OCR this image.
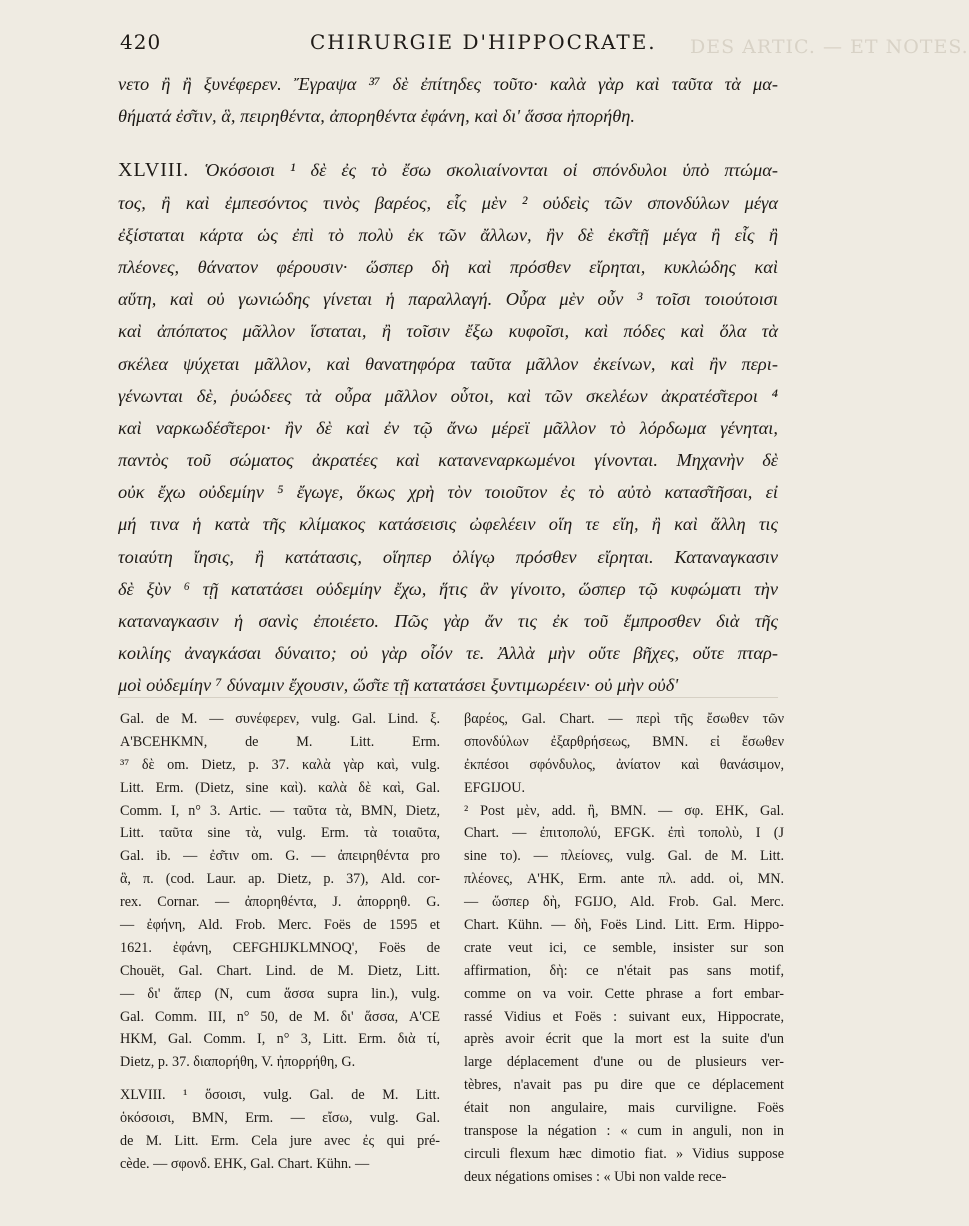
420	CHIRURGIE D'HIPPOCRATE. DES ARTIC. — ET NOTES.
νετο ἢ ἢ ξυνέφερεν. Ἔγραψα ³⁷ δὲ ἐπίτηδες τοῦτο· καλὰ γὰρ καὶ ταῦτα τὰ μα-
θήματά ἐσ͂τιν, ἃ, πειρηθέντα, ἀπορηθέντα ἐφάνη, καὶ δι' ἅσσα ἠπορήθη.
XLVIII. Ὁκόσοισι ¹ δὲ ἐς τὸ ἔσω σκολιαίνονται οἱ σπόνδυλοι ὑπὸ πτώμα-
τος, ἢ καὶ ἐμπεσόντος τινὸς βαρέος, εἷς μὲν ² οὐδεὶς τῶν σπονδύλων μέγα
ἐξίσταται κάρτα ὡς ἐπὶ τὸ πολὺ ἐκ τῶν ἄλλων, ἢν δὲ ἐκσ͂τῇ μέγα ἢ εἷς ἢ
πλέονες, θάνατον φέρουσιν· ὥσπερ δὴ καὶ πρόσθεν εἴρηται, κυκλώδης καὶ
αὕτη, καὶ οὐ γωνιώδης γίνεται ἡ παραλλαγή. Οὖρα μὲν οὖν ³ τοῖσι τοιούτοισι
καὶ ἀπόπατος μᾶλλον ἵσταται, ἢ τοῖσιν ἔξω κυφοῖσι, καὶ πόδες καὶ ὅλα τὰ
σκέλεα ψύχεται μᾶλλον, καὶ θανατηφόρα ταῦτα μᾶλλον ἐκείνων, καὶ ἢν περι-
γένωνται δὲ, ῥυώδεες τὰ οὖρα μᾶλλον οὗτοι, καὶ τῶν σκελέων ἀκρατέσ͂τεροι ⁴
καὶ ναρκωδέσ͂τεροι· ἢν δὲ καὶ ἐν τῷ ἄνω μέρεϊ μᾶλλον τὸ λόρδωμα γένηται,
παντὸς τοῦ σώματος ἀκρατέες καὶ κατανεναρκωμένοι γίνονται. Μηχανὴν δὲ
οὐκ ἔχω οὐδεμίην ⁵ ἔγωγε, ὅκως χρὴ τὸν τοιοῦτον ἐς τὸ αὐτὸ κατασ͂τῆσαι, εἰ
μή τινα ἡ κατὰ τῆς κλίμακος κατάσεισις ὠφελέειν οἵη τε εἴη, ἢ καὶ ἄλλη τις
τοιαύτη ἴησις, ἢ κατάτασις, οἵηπερ ὀλίγῳ πρόσθεν εἴρηται. Καταναγκασιν
δὲ ξὺν ⁶ τῇ κατατάσει οὐδεμίην ἔχω, ἥτις ἂν γίνοιτο, ὥσπερ τῷ κυφώματι τὴν
καταναγκασιν ἡ σανὶς ἐποιέετο. Πῶς γὰρ ἄν τις ἐκ τοῦ ἔμπροσθεν διὰ τῆς
κοιλίης ἀναγκάσαι δύναιτο; οὐ γὰρ οἷόν τε. Ἀλλὰ μὴν οὔτε βῆχες, οὔτε πταρ-
μοὶ οὐδεμίην ⁷ δύναμιν ἔχουσιν, ὥσ͂τε τῇ κατατάσει ξυντιμωρέειν· οὐ μὴν οὐδ'
Gal. de M. — συνέφερεν, vulg. Gal. Lind. ξ.
A'BCEHKMN, de M. Litt. Erm.
³⁷ δὲ om. Dietz, p. 37. καλὰ γὰρ καὶ, vulg.
Litt. Erm. (Dietz, sine καὶ). καλὰ δὲ καὶ, Gal.
Comm. I, n° 3. Artic. — ταῦτα τὰ, BMN, Dietz,
Litt. ταῦτα sine τὰ, vulg. Erm. τὰ τοιαῦτα,
Gal. ib. — ἐσ͂τιν om. G. — ἀπειρηθέντα pro
ἃ, π. (cod. Laur. ap. Dietz, p. 37), Ald. cor-
rex. Cornar. — ἀπορηθέντα, J. ἀπορρηθ. G.
— ἐφήνη, Ald. Frob. Merc. Foës de 1595 et
1621. ἐφάνη, CEFGHIJKLMNOQ', Foës de
Chouët, Gal. Chart. Lind. de M. Dietz, Litt.
— δι' ἅπερ (N, cum ἅσσα supra lin.), vulg.
Gal. Comm. III, n° 50, de M. δι' ἅσσα, A'CE
HKM, Gal. Comm. I, n° 3, Litt. Erm. διὰ τί,
Dietz, p. 37. διαπορήθη, V. ἠπορρήθη, G.
XLVIII. ¹ ὅσοισι, vulg. Gal. de M. Litt.
ὁκόσοισι, BMN, Erm. — εἴσω, vulg. Gal.
de M. Litt. Erm. Cela jure avec ἐς qui pré-
cède. — σφονδ. EHK, Gal. Chart. Kühn. —
βαρέος, Gal. Chart. — περὶ τῆς ἔσωθεν τῶν
σπονδύλων ἐξαρθρήσεως, BMN. εἰ ἔσωθεν
ἐκπέσοι σφόνδυλος, ἀνίατον καὶ θανάσιμον,
EFGIJOU.
² Post μὲν, add. ἢ, BMN. — σφ. EHK, Gal.
Chart. — ἐπιτοπολύ, EFGK. ἐπὶ τοπολὺ, I (J
sine το). — πλείονες, vulg. Gal. de M. Litt.
πλέονες, A'HK, Erm. ante πλ. add. οἱ, MN.
— ὥσπερ δὴ, FGIJO, Ald. Frob. Gal. Merc.
Chart. Kühn. — δὴ, Foës Lind. Litt. Erm. Hippo-
crate veut ici, ce semble, insister sur son
affirmation, δὴ: ce n'était pas sans motif,
comme on va voir. Cette phrase a fort embar-
rassé Vidius et Foës : suivant eux, Hippocrate,
après avoir écrit que la mort est la suite d'un
large déplacement d'une ou de plusieurs ver-
tèbres, n'avait pas pu dire que ce déplacement
était non angulaire, mais curviligne. Foës
transpose la négation : « cum in anguli, non in
circuli flexum hæc dimotio fiat. » Vidius suppose
deux négations omises : « Ubi non valde rece-
